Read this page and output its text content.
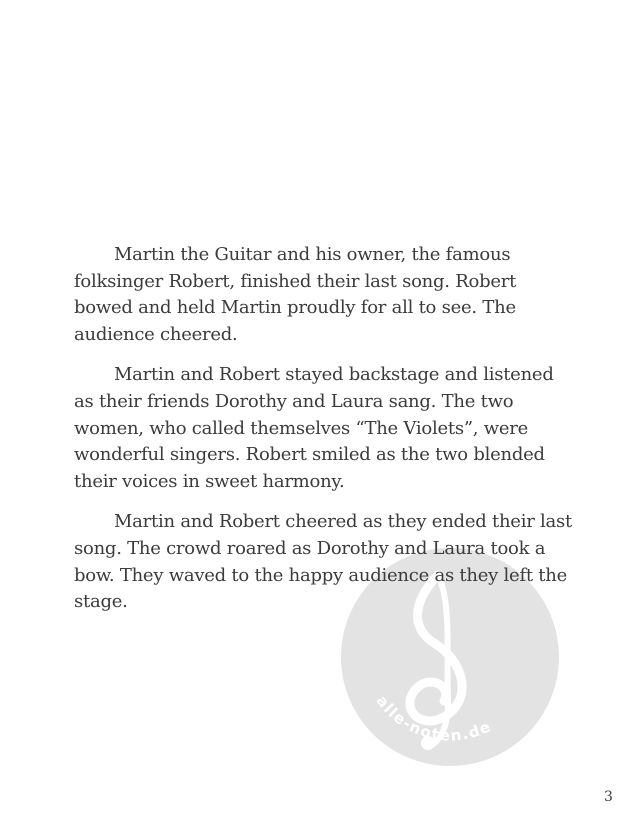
alle-noten.de

Martin the Guitar and his owner, the famous folksinger Robert, finished their last song. Robert bowed and held Martin proudly for all to see. The audience cheered.

Martin and Robert stayed backstage and listened as their friends Dorothy and Laura sang. The two women, who called themselves “The Violets”, were wonderful singers. Robert smiled as the two blended their voices in sweet harmony.

Martin and Robert cheered as they ended their last song. The crowd roared as Dorothy and Laura took a bow. They waved to the happy audience as they left the stage.

3
